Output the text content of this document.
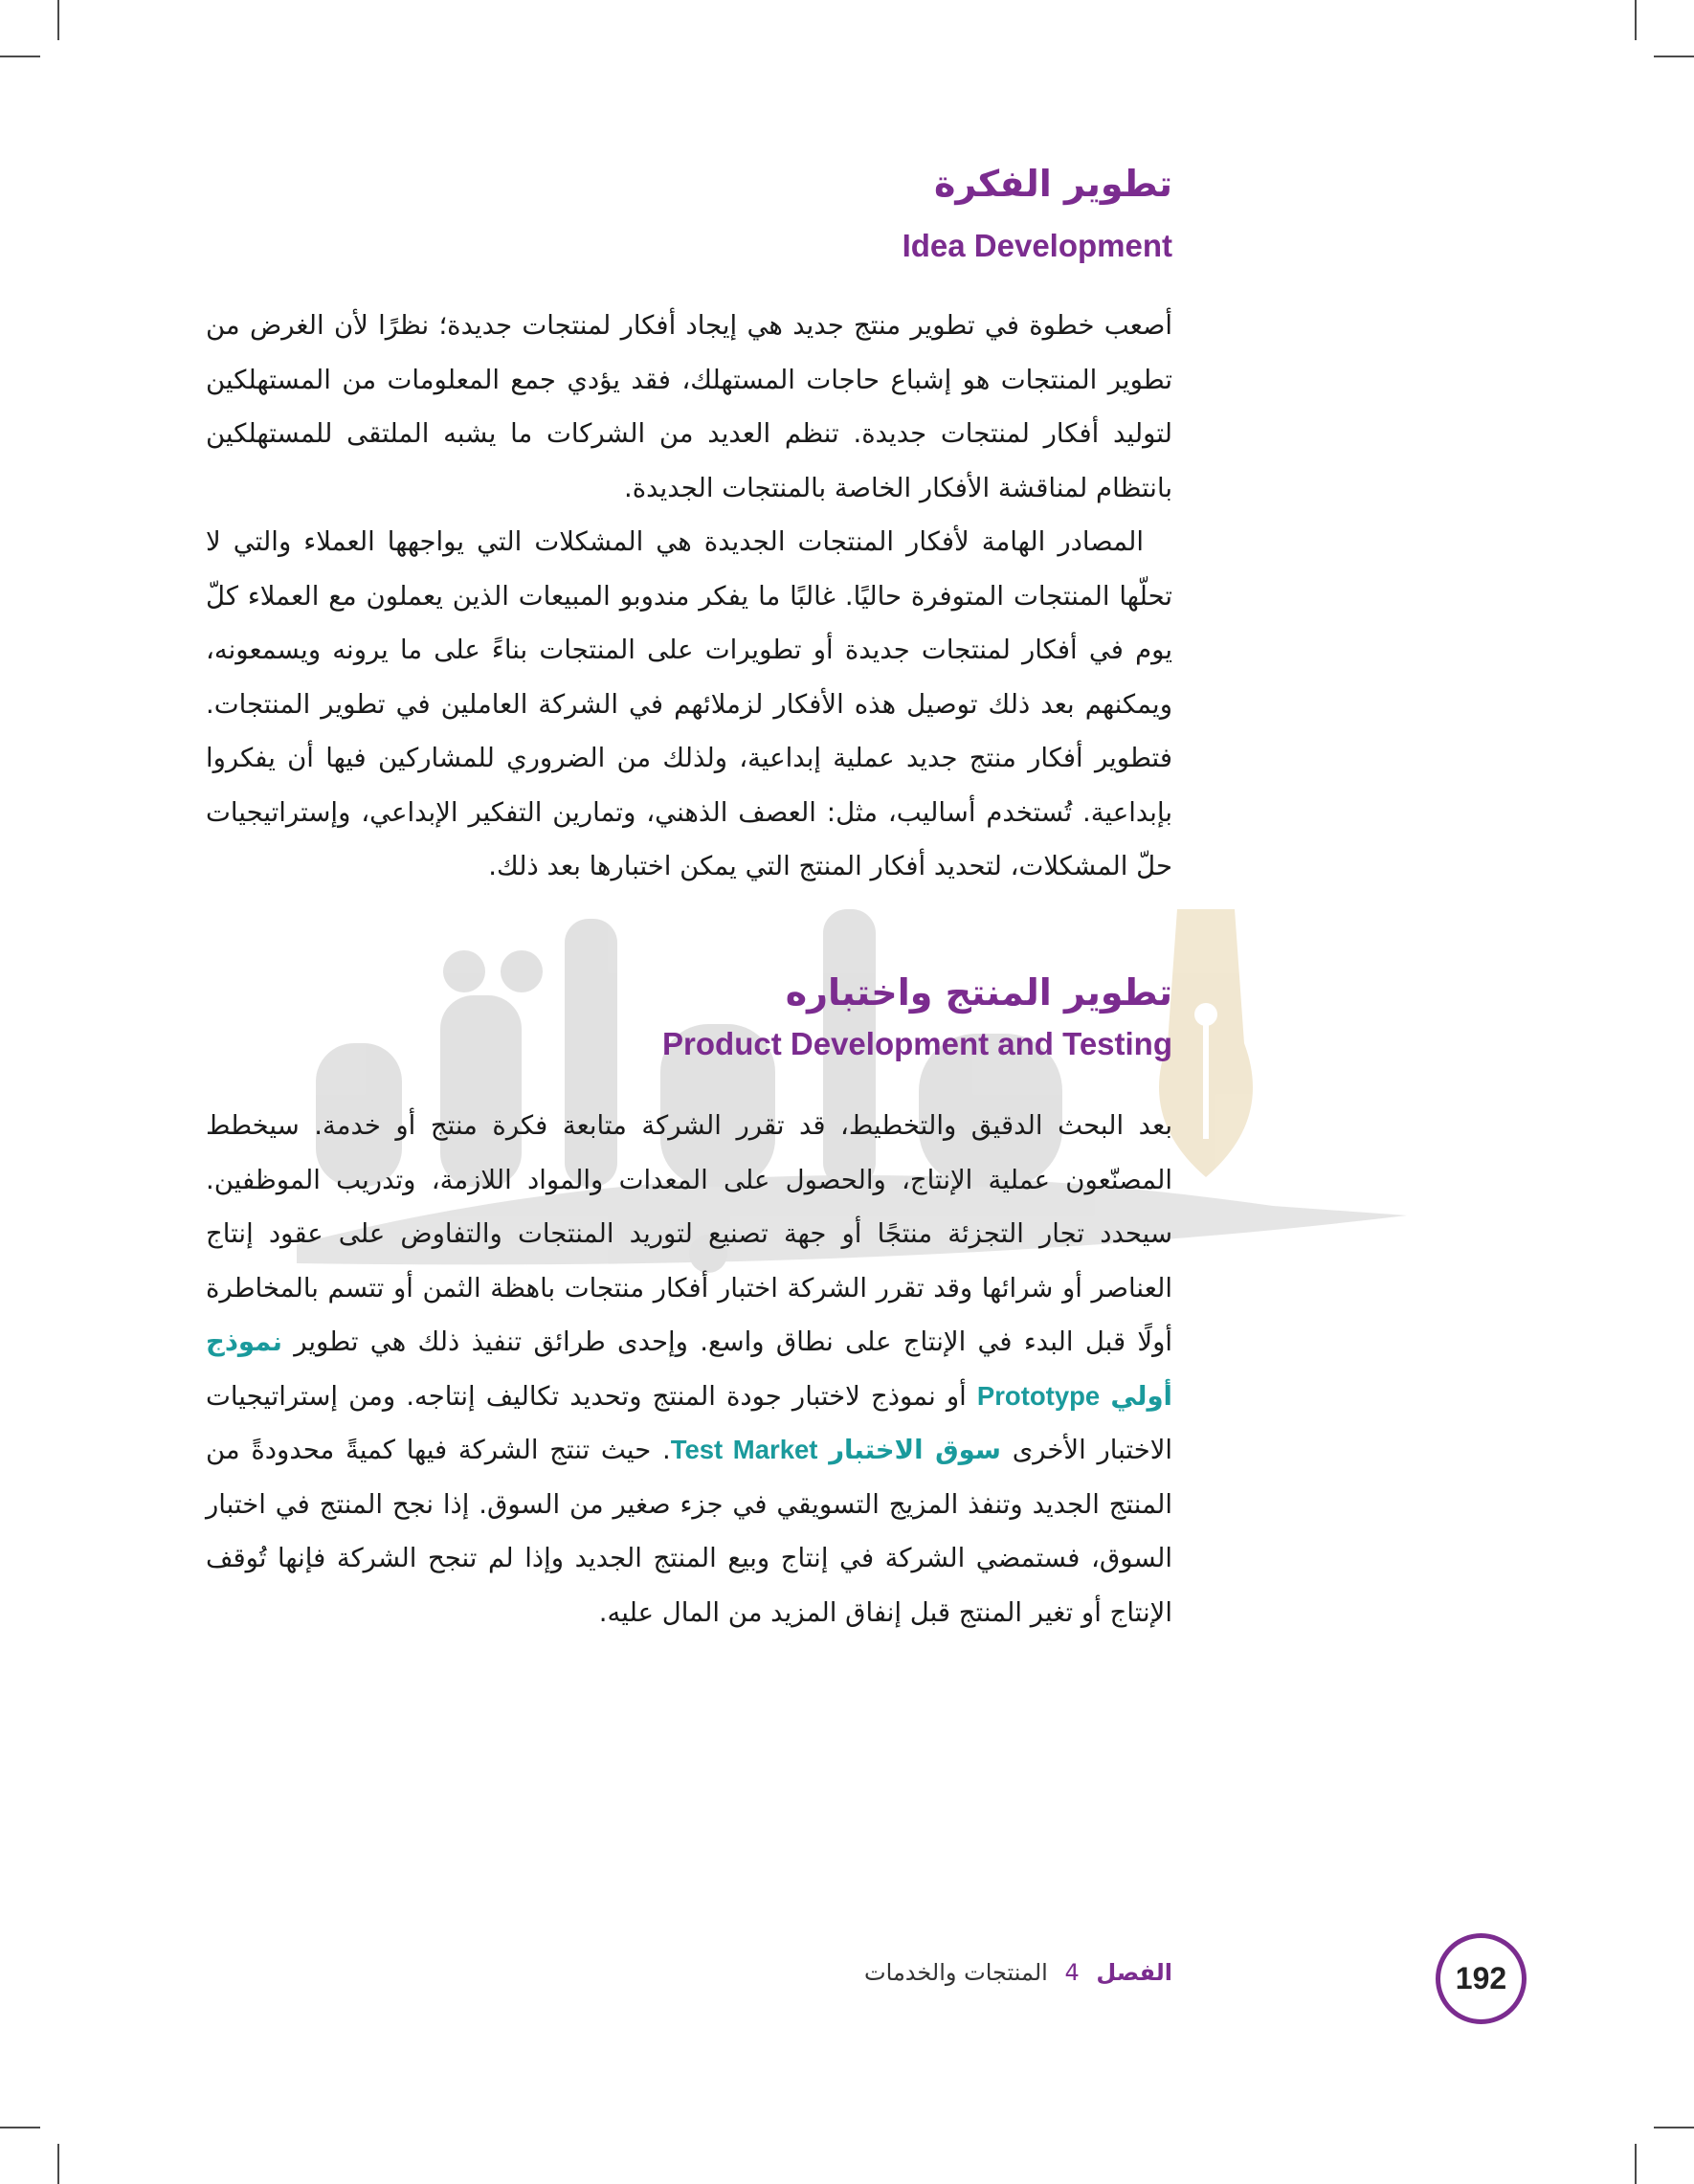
تطوير الفكرة
Idea Development

أصعب خطوة في تطوير منتج جديد هي إيجاد أفكار لمنتجات جديدة؛ نظرًا لأن الغرض من تطوير المنتجات هو إشباع حاجات المستهلك، فقد يؤدي جمع المعلومات من المستهلكين لتوليد أفكار لمنتجات جديدة. تنظم العديد من الشركات ما يشبه الملتقى للمستهلكين بانتظام لمناقشة الأفكار الخاصة بالمنتجات الجديدة.

المصادر الهامة لأفكار المنتجات الجديدة هي المشكلات التي يواجهها العملاء والتي لا تحلّها المنتجات المتوفرة حاليًا. غالبًا ما يفكر مندوبو المبيعات الذين يعملون مع العملاء كلّ يوم في أفكار لمنتجات جديدة أو تطويرات على المنتجات بناءً على ما يرونه ويسمعونه، ويمكنهم بعد ذلك توصيل هذه الأفكار لزملائهم في الشركة العاملين في تطوير المنتجات. فتطوير أفكار منتج جديد عملية إبداعية، ولذلك من الضروري للمشاركين فيها أن يفكروا بإبداعية. تُستخدم أساليب، مثل: العصف الذهني، وتمارين التفكير الإبداعي، وإستراتيجيات حلّ المشكلات، لتحديد أفكار المنتج التي يمكن اختبارها بعد ذلك.

تطوير المنتج واختباره
Product Development and Testing

بعد البحث الدقيق والتخطيط، قد تقرر الشركة متابعة فكرة منتج أو خدمة. سيخطط المصنّعون عملية الإنتاج، والحصول على المعدات والمواد اللازمة، وتدريب الموظفين. سيحدد تجار التجزئة منتجًا أو جهة تصنيع لتوريد المنتجات والتفاوض على عقود إنتاج العناصر أو شرائها وقد تقرر الشركة اختبار أفكار منتجات باهظة الثمن أو تتسم بالمخاطرة أولًا قبل البدء في الإنتاج على نطاق واسع. وإحدى طرائق تنفيذ ذلك هي تطوير نموذج أولي Prototype أو نموذج لاختبار جودة المنتج وتحديد تكاليف إنتاجه. ومن إستراتيجيات الاختبار الأخرى سوق الاختبار Test Market. حيث تنتج الشركة فيها كميةً محدودةً من المنتج الجديد وتنفذ المزيج التسويقي في جزء صغير من السوق. إذا نجح المنتج في اختبار السوق، فستمضي الشركة في إنتاج وبيع المنتج الجديد وإذا لم تنجح الشركة فإنها تُوقف الإنتاج أو تغير المنتج قبل إنفاق المزيد من المال عليه.

192
الفصل 4 المنتجات والخدمات
